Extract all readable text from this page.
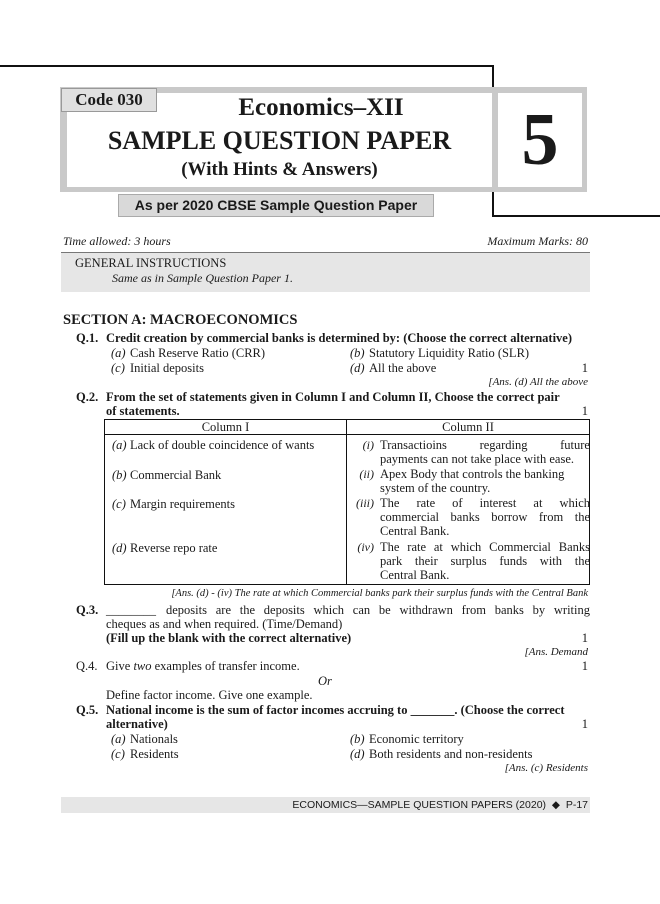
Code 030	Economics–XII
SAMPLE QUESTION PAPER
(With Hints & Answers)	5
As per 2020 CBSE Sample Question Paper
Time allowed: 3 hours	Maximum Marks: 80
GENERAL INSTRUCTIONS
Same as in Sample Question Paper 1.
SECTION A: MACROECONOMICS
Q.1. Credit creation by commercial banks is determined by: (Choose the correct alternative)
(a) Cash Reserve Ratio (CRR)	(b) Statutory Liquidity Ratio (SLR)
(c) Initial deposits	(d) All the above	1
[Ans. (d) All the above
Q.2. From the set of statements given in Column I and Column II, Choose the correct pair
of statements.	1
Column I	Column II
(a) Lack of double coincidence of wants	(i) Transactioins regarding future
payments can not take place with ease.
(b) Commercial Bank	(ii) Apex Body that controls the banking
system of the country.
(c) Margin requirements	(iii) The rate of interest at which
commercial banks borrow from the
Central Bank.
(d) Reverse repo rate	(iv) The rate at which Commercial Banks
park their surplus funds with the
Central Bank.
[Ans. (d) - (iv) The rate at which Commercial banks park their surplus funds with the Central Bank
Q.3. ________ deposits are the deposits which can be withdrawn from banks by writing
cheques as and when required. (Time/Demand)
(Fill up the blank with the correct alternative)	1
[Ans. Demand
Q.4. Give two examples of transfer income.	1
Or
Define factor income. Give one example.
Q.5. National income is the sum of factor incomes accruing to _______. (Choose the correct
alternative)	1
(a) Nationals	(b) Economic territory
(c) Residents	(d) Both residents and non-residents
[Ans. (c) Residents
ECONOMICS—SAMPLE QUESTION PAPERS (2020) ◆ P-17
